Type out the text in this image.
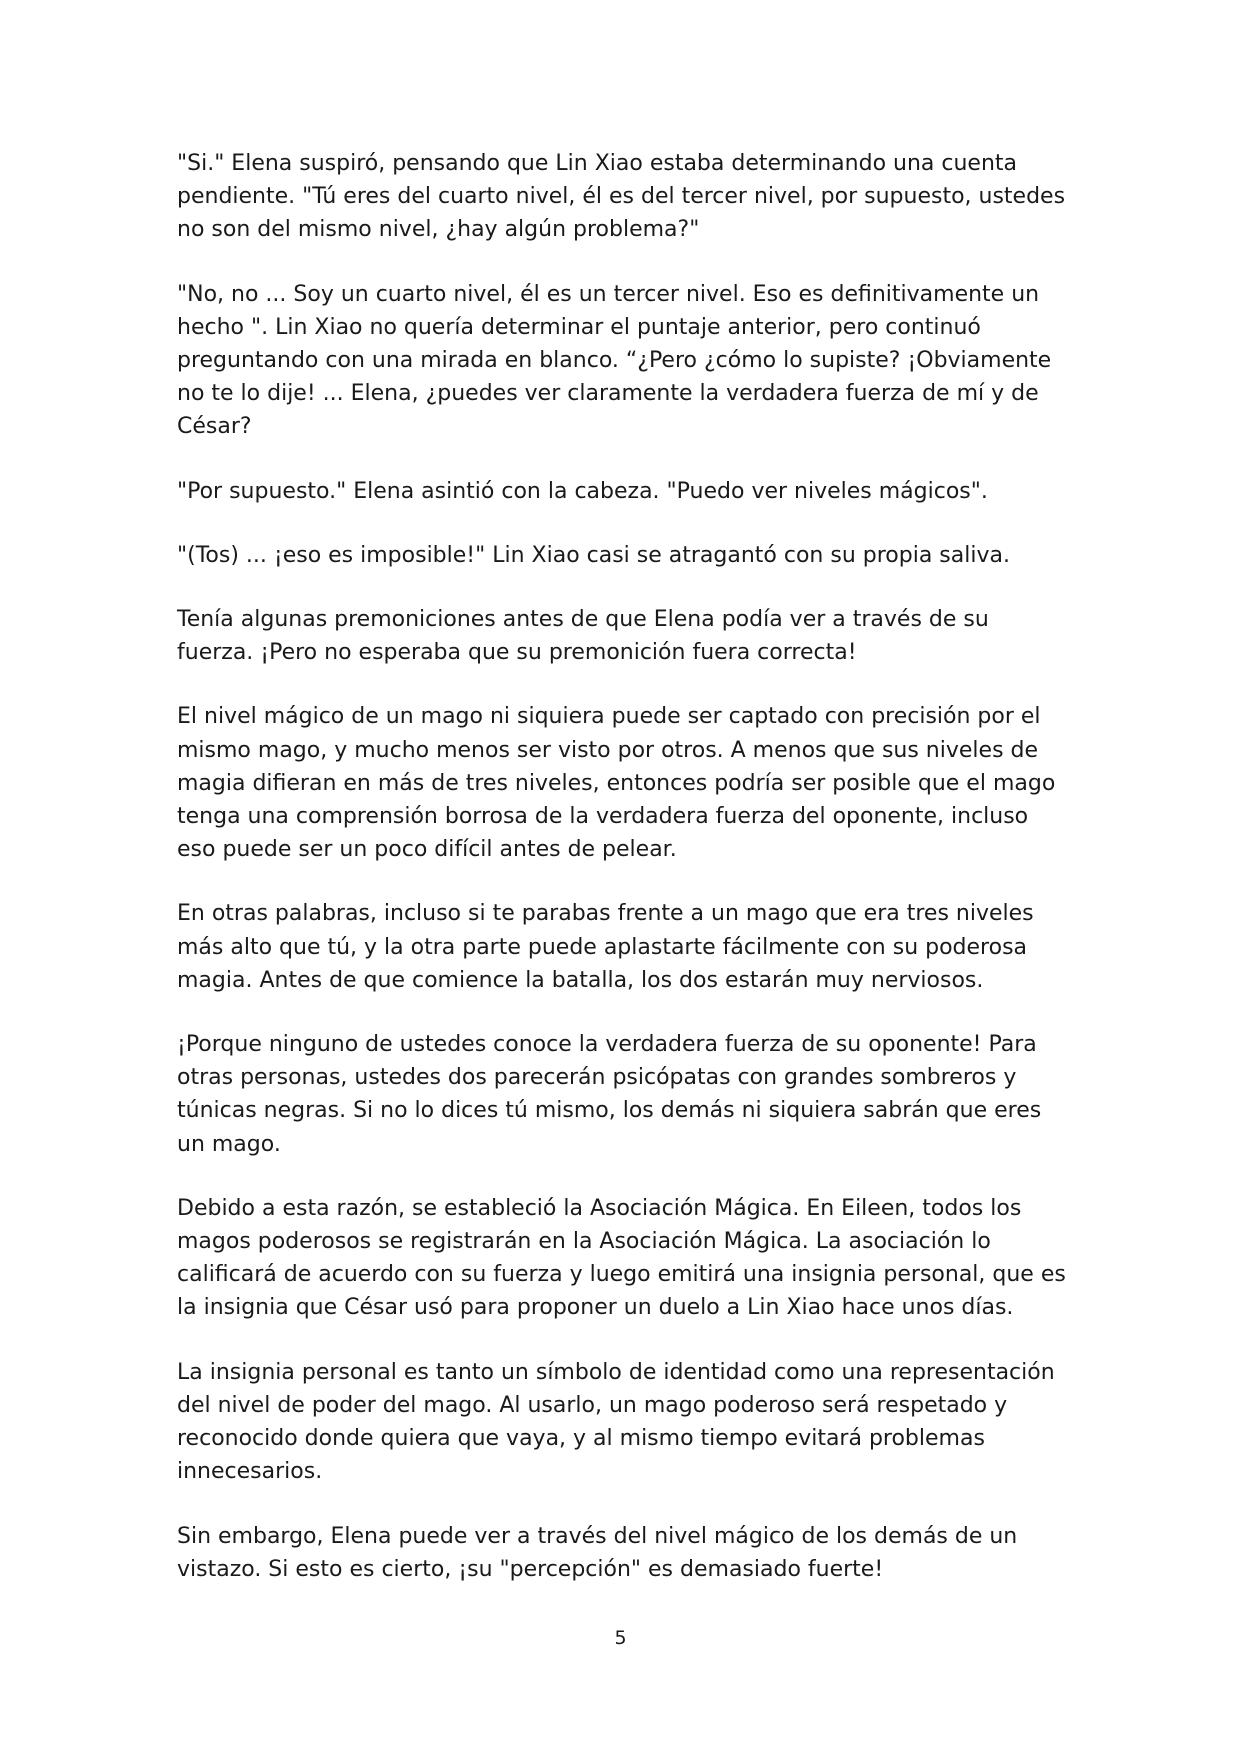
"Si." Elena suspiró, pensando que Lin Xiao estaba determinando una cuenta pendiente. "Tú eres del cuarto nivel, él es del tercer nivel, por supuesto, ustedes no son del mismo nivel, ¿hay algún problema?"

"No, no ... Soy un cuarto nivel, él es un tercer nivel. Eso es definitivamente un hecho ". Lin Xiao no quería determinar el puntaje anterior, pero continuó preguntando con una mirada en blanco. “¿Pero ¿cómo lo supiste? ¡Obviamente no te lo dije! ... Elena, ¿puedes ver claramente la verdadera fuerza de mí y de César?

"Por supuesto." Elena asintió con la cabeza. "Puedo ver niveles mágicos".

"(Tos) ... ¡eso es imposible!" Lin Xiao casi se atragantó con su propia saliva.

Tenía algunas premoniciones antes de que Elena podía ver a través de su fuerza. ¡Pero no esperaba que su premonición fuera correcta!

El nivel mágico de un mago ni siquiera puede ser captado con precisión por el mismo mago, y mucho menos ser visto por otros. A menos que sus niveles de magia difieran en más de tres niveles, entonces podría ser posible que el mago tenga una comprensión borrosa de la verdadera fuerza del oponente, incluso eso puede ser un poco difícil antes de pelear.

En otras palabras, incluso si te parabas frente a un mago que era tres niveles más alto que tú, y la otra parte puede aplastarte fácilmente con su poderosa magia. Antes de que comience la batalla, los dos estarán muy nerviosos.

¡Porque ninguno de ustedes conoce la verdadera fuerza de su oponente! Para otras personas, ustedes dos parecerán psicópatas con grandes sombreros y túnicas negras. Si no lo dices tú mismo, los demás ni siquiera sabrán que eres un mago.

Debido a esta razón, se estableció la Asociación Mágica. En Eileen, todos los magos poderosos se registrarán en la Asociación Mágica. La asociación lo calificará de acuerdo con su fuerza y luego emitirá una insignia personal, que es la insignia que César usó para proponer un duelo a Lin Xiao hace unos días.

La insignia personal es tanto un símbolo de identidad como una representación del nivel de poder del mago. Al usarlo, un mago poderoso será respetado y reconocido donde quiera que vaya, y al mismo tiempo evitará problemas innecesarios.

Sin embargo, Elena puede ver a través del nivel mágico de los demás de un vistazo. Si esto es cierto, ¡su "percepción" es demasiado fuerte!

5
